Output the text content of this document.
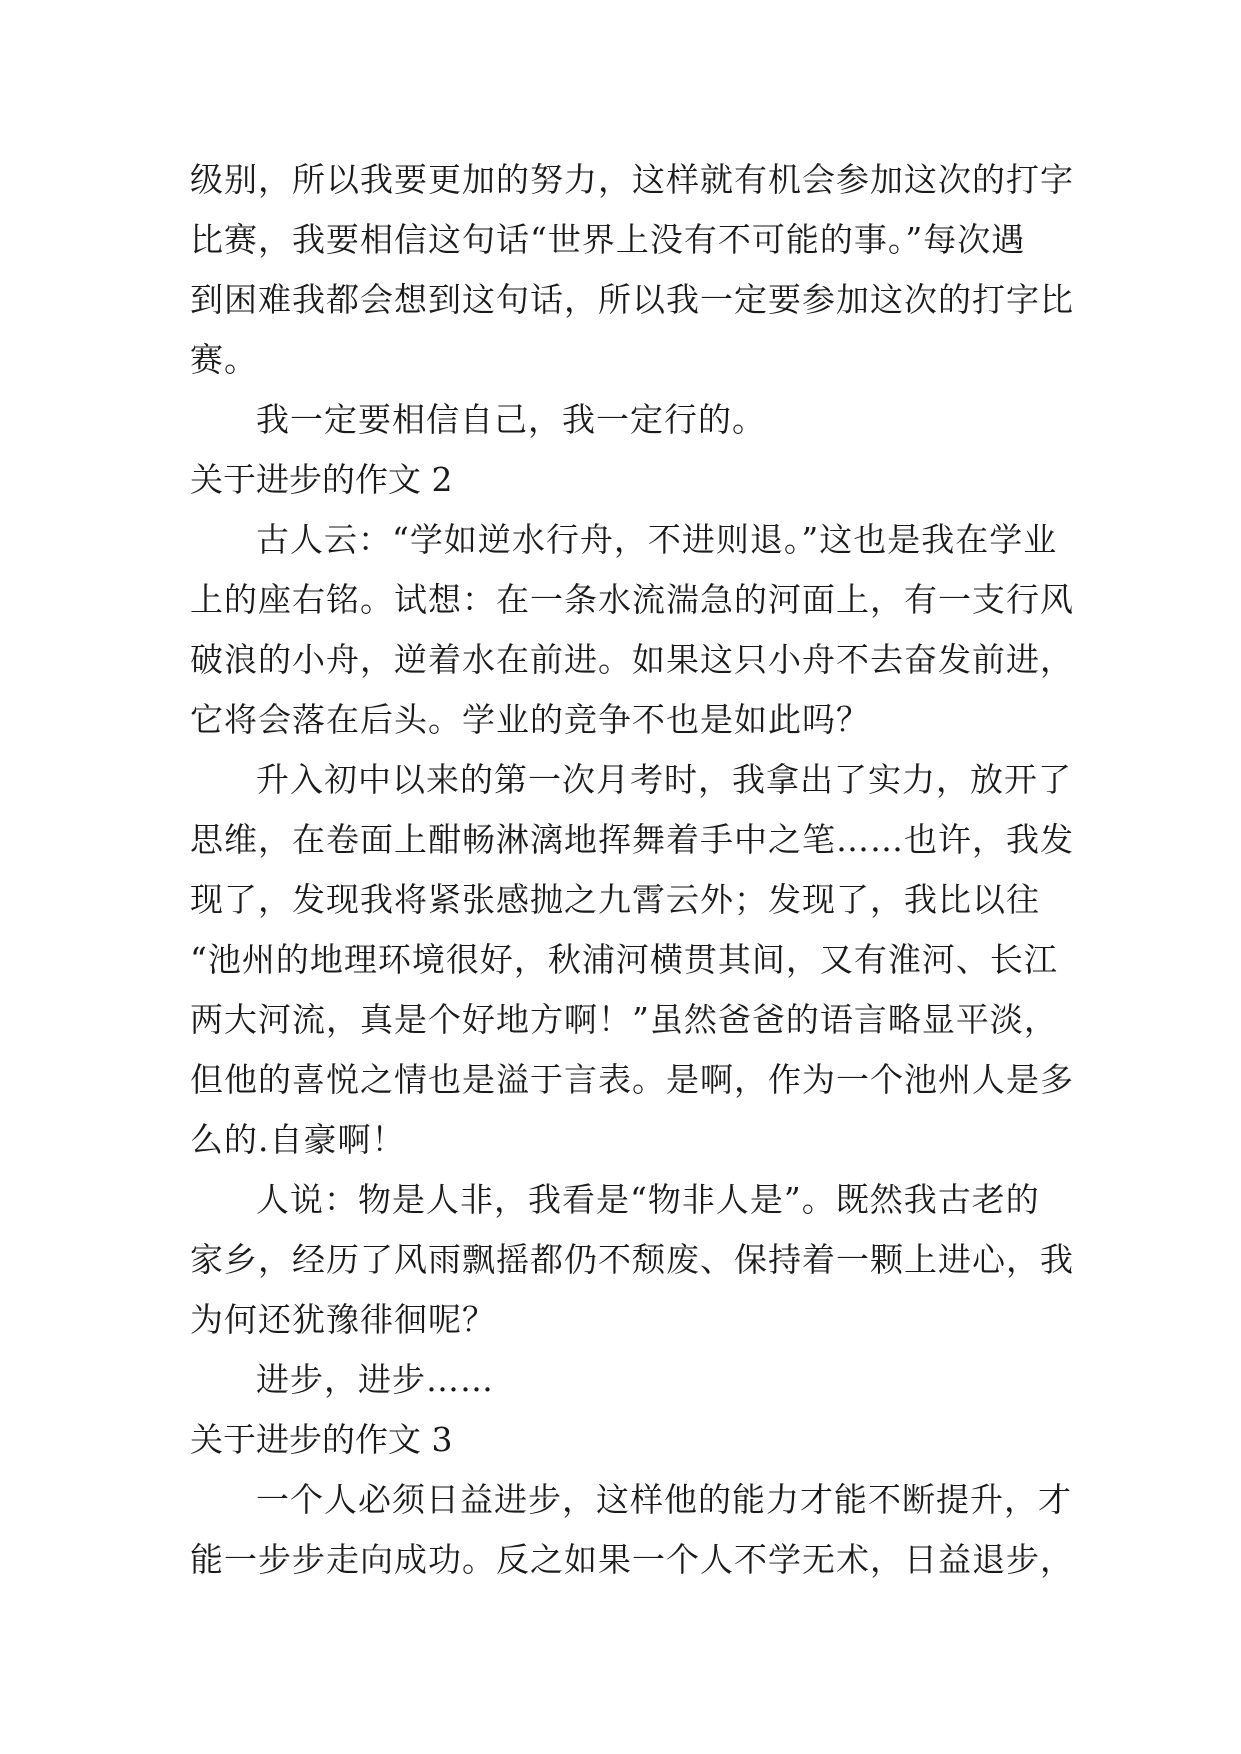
级别，所以我要更加的努力，这样就有机会参加这次的打字
比赛，我要相信这句话“世界上没有不可能的事。”每次遇
到困难我都会想到这句话，所以我一定要参加这次的打字比
赛。
我一定要相信自己，我一定行的。
关于进步的作文 2
古人云：“学如逆水行舟，不进则退。”这也是我在学业
上的座右铭。试想：在一条水流湍急的河面上，有一支行风
破浪的小舟，逆着水在前进。如果这只小舟不去奋发前进，
它将会落在后头。学业的竞争不也是如此吗？
升入初中以来的第一次月考时，我拿出了实力，放开了
思维，在卷面上酣畅淋漓地挥舞着手中之笔……也许，我发
现了，发现我将紧张感抛之九霄云外；发现了，我比以往
“池州的地理环境很好，秋浦河横贯其间，又有淮河、长江
两大河流，真是个好地方啊！”虽然爸爸的语言略显平淡，
但他的喜悦之情也是溢于言表。是啊，作为一个池州人是多
么的.自豪啊！
人说：物是人非，我看是“物非人是”。既然我古老的
家乡，经历了风雨飘摇都仍不颓废、保持着一颗上进心，我
为何还犹豫徘徊呢？
进步，进步……
关于进步的作文 3
一个人必须日益进步，这样他的能力才能不断提升，才
能一步步走向成功。反之如果一个人不学无术，日益退步，
